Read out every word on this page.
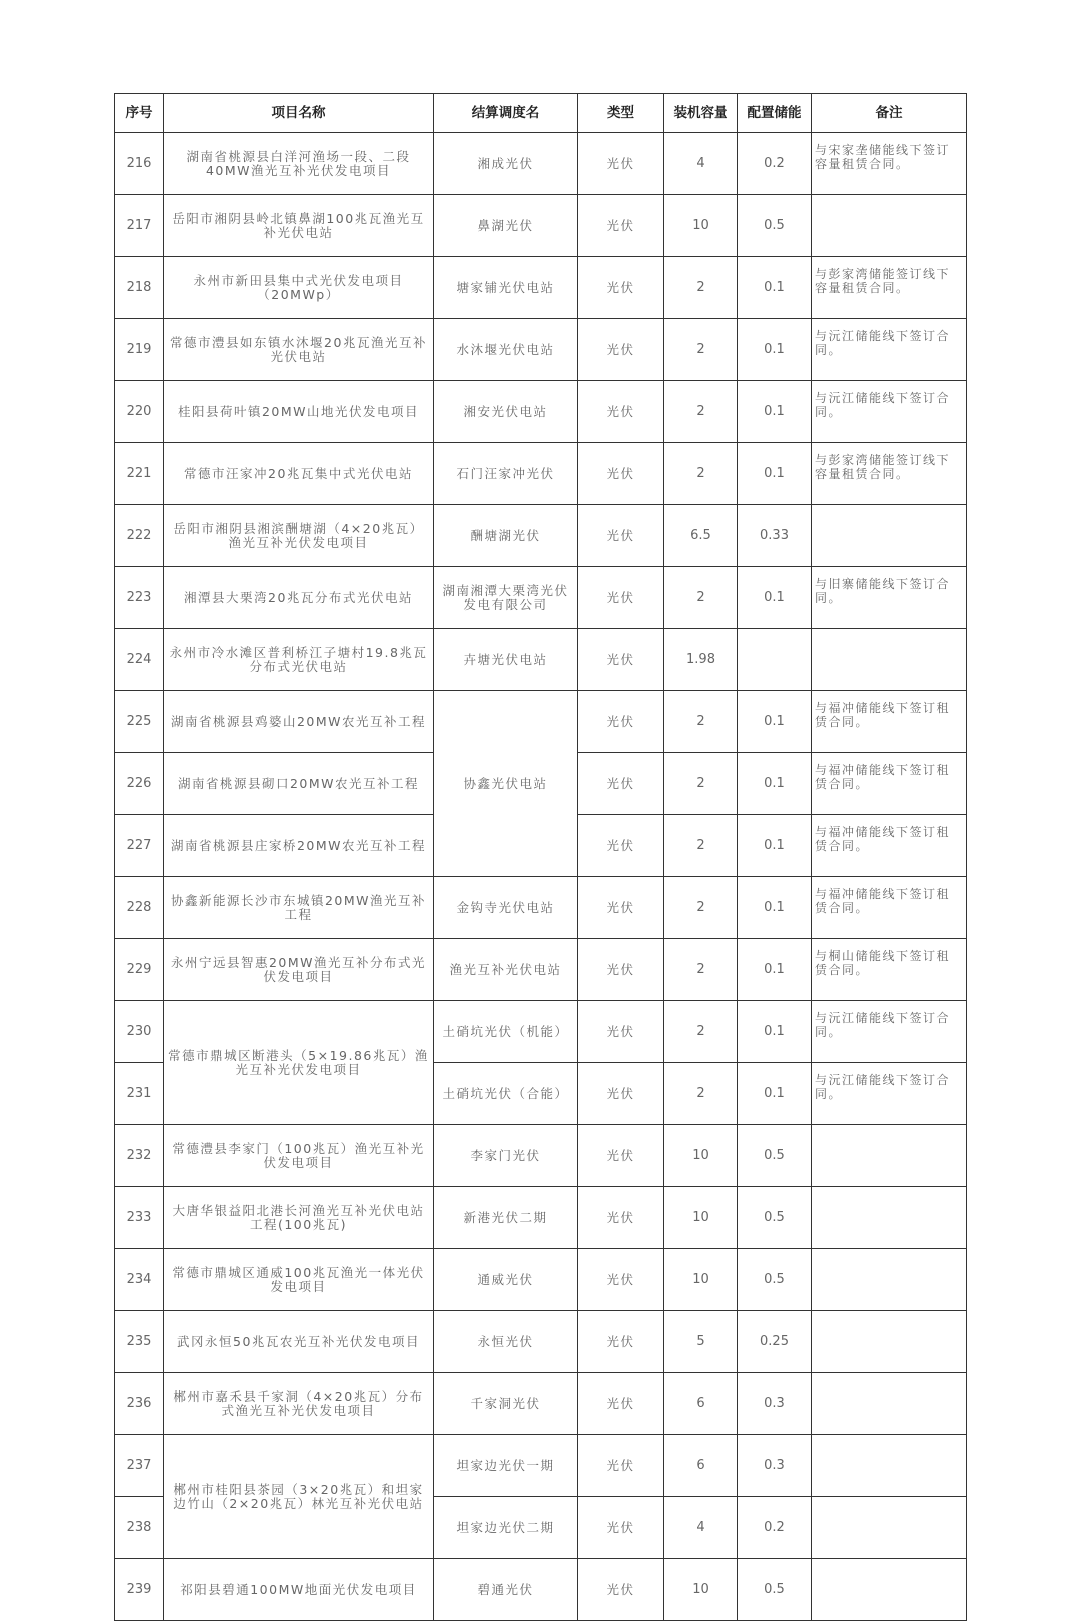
序号	项目名称	结算调度名	类型	装机容量	配置储能	备注
216	湖南省桃源县白洋河渔场一段、二段40MW渔光互补光伏发电项目	湘成光伏	光伏	4	0.2	与宋家垄储能线下签订容量租赁合同。
217	岳阳市湘阴县岭北镇鼻湖100兆瓦渔光互补光伏电站	鼻湖光伏	光伏	10	0.5	
218	永州市新田县集中式光伏发电项目（20MWp）	塘家铺光伏电站	光伏	2	0.1	与彭家湾储能签订线下容量租赁合同。
219	常德市澧县如东镇水沐堰20兆瓦渔光互补光伏电站	水沐堰光伏电站	光伏	2	0.1	与沅江储能线下签订合同。
220	桂阳县荷叶镇20MW山地光伏发电项目	湘安光伏电站	光伏	2	0.1	与沅江储能线下签订合同。
221	常德市汪家冲20兆瓦集中式光伏电站	石门汪家冲光伏	光伏	2	0.1	与彭家湾储能签订线下容量租赁合同。
222	岳阳市湘阴县湘滨酬塘湖（4×20兆瓦）渔光互补光伏发电项目	酬塘湖光伏	光伏	6.5	0.33	
223	湘潭县大栗湾20兆瓦分布式光伏电站	湖南湘潭大栗湾光伏发电有限公司	光伏	2	0.1	与旧寨储能线下签订合同。
224	永州市冷水滩区普利桥江子塘村19.8兆瓦分布式光伏电站	卉塘光伏电站	光伏	1.98		
225	湖南省桃源县鸡婆山20MW农光互补工程	协鑫光伏电站	光伏	2	0.1	与福冲储能线下签订租赁合同。
226	湖南省桃源县砌口20MW农光互补工程		光伏	2	0.1	与福冲储能线下签订租赁合同。
227	湖南省桃源县庄家桥20MW农光互补工程		光伏	2	0.1	与福冲储能线下签订租赁合同。
228	协鑫新能源长沙市东城镇20MW渔光互补工程	金钩寺光伏电站	光伏	2	0.1	与福冲储能线下签订租赁合同。
229	永州宁远县智惠20MW渔光互补分布式光伏发电项目	渔光互补光伏电站	光伏	2	0.1	与桐山储能线下签订租赁合同。
230	常德市鼎城区断港头（5×19.86兆瓦）渔光互补光伏发电项目	土硝坑光伏（机能）	光伏	2	0.1	与沅江储能线下签订合同。
231		土硝坑光伏（合能）	光伏	2	0.1	与沅江储能线下签订合同。
232	常德澧县李家门（100兆瓦）渔光互补光伏发电项目	李家门光伏	光伏	10	0.5	
233	大唐华银益阳北港长河渔光互补光伏电站工程(100兆瓦)	新港光伏二期	光伏	10	0.5	
234	常德市鼎城区通威100兆瓦渔光一体光伏发电项目	通威光伏	光伏	10	0.5	
235	武冈永恒50兆瓦农光互补光伏发电项目	永恒光伏	光伏	5	0.25	
236	郴州市嘉禾县千家洞（4×20兆瓦）分布式渔光互补光伏发电项目	千家洞光伏	光伏	6	0.3	
237	郴州市桂阳县茶园（3×20兆瓦）和坦家边竹山（2×20兆瓦）林光互补光伏电站	坦家边光伏一期	光伏	6	0.3	
238		坦家边光伏二期	光伏	4	0.2	
239	祁阳县碧通100MW地面光伏发电项目	碧通光伏	光伏	10	0.5	
